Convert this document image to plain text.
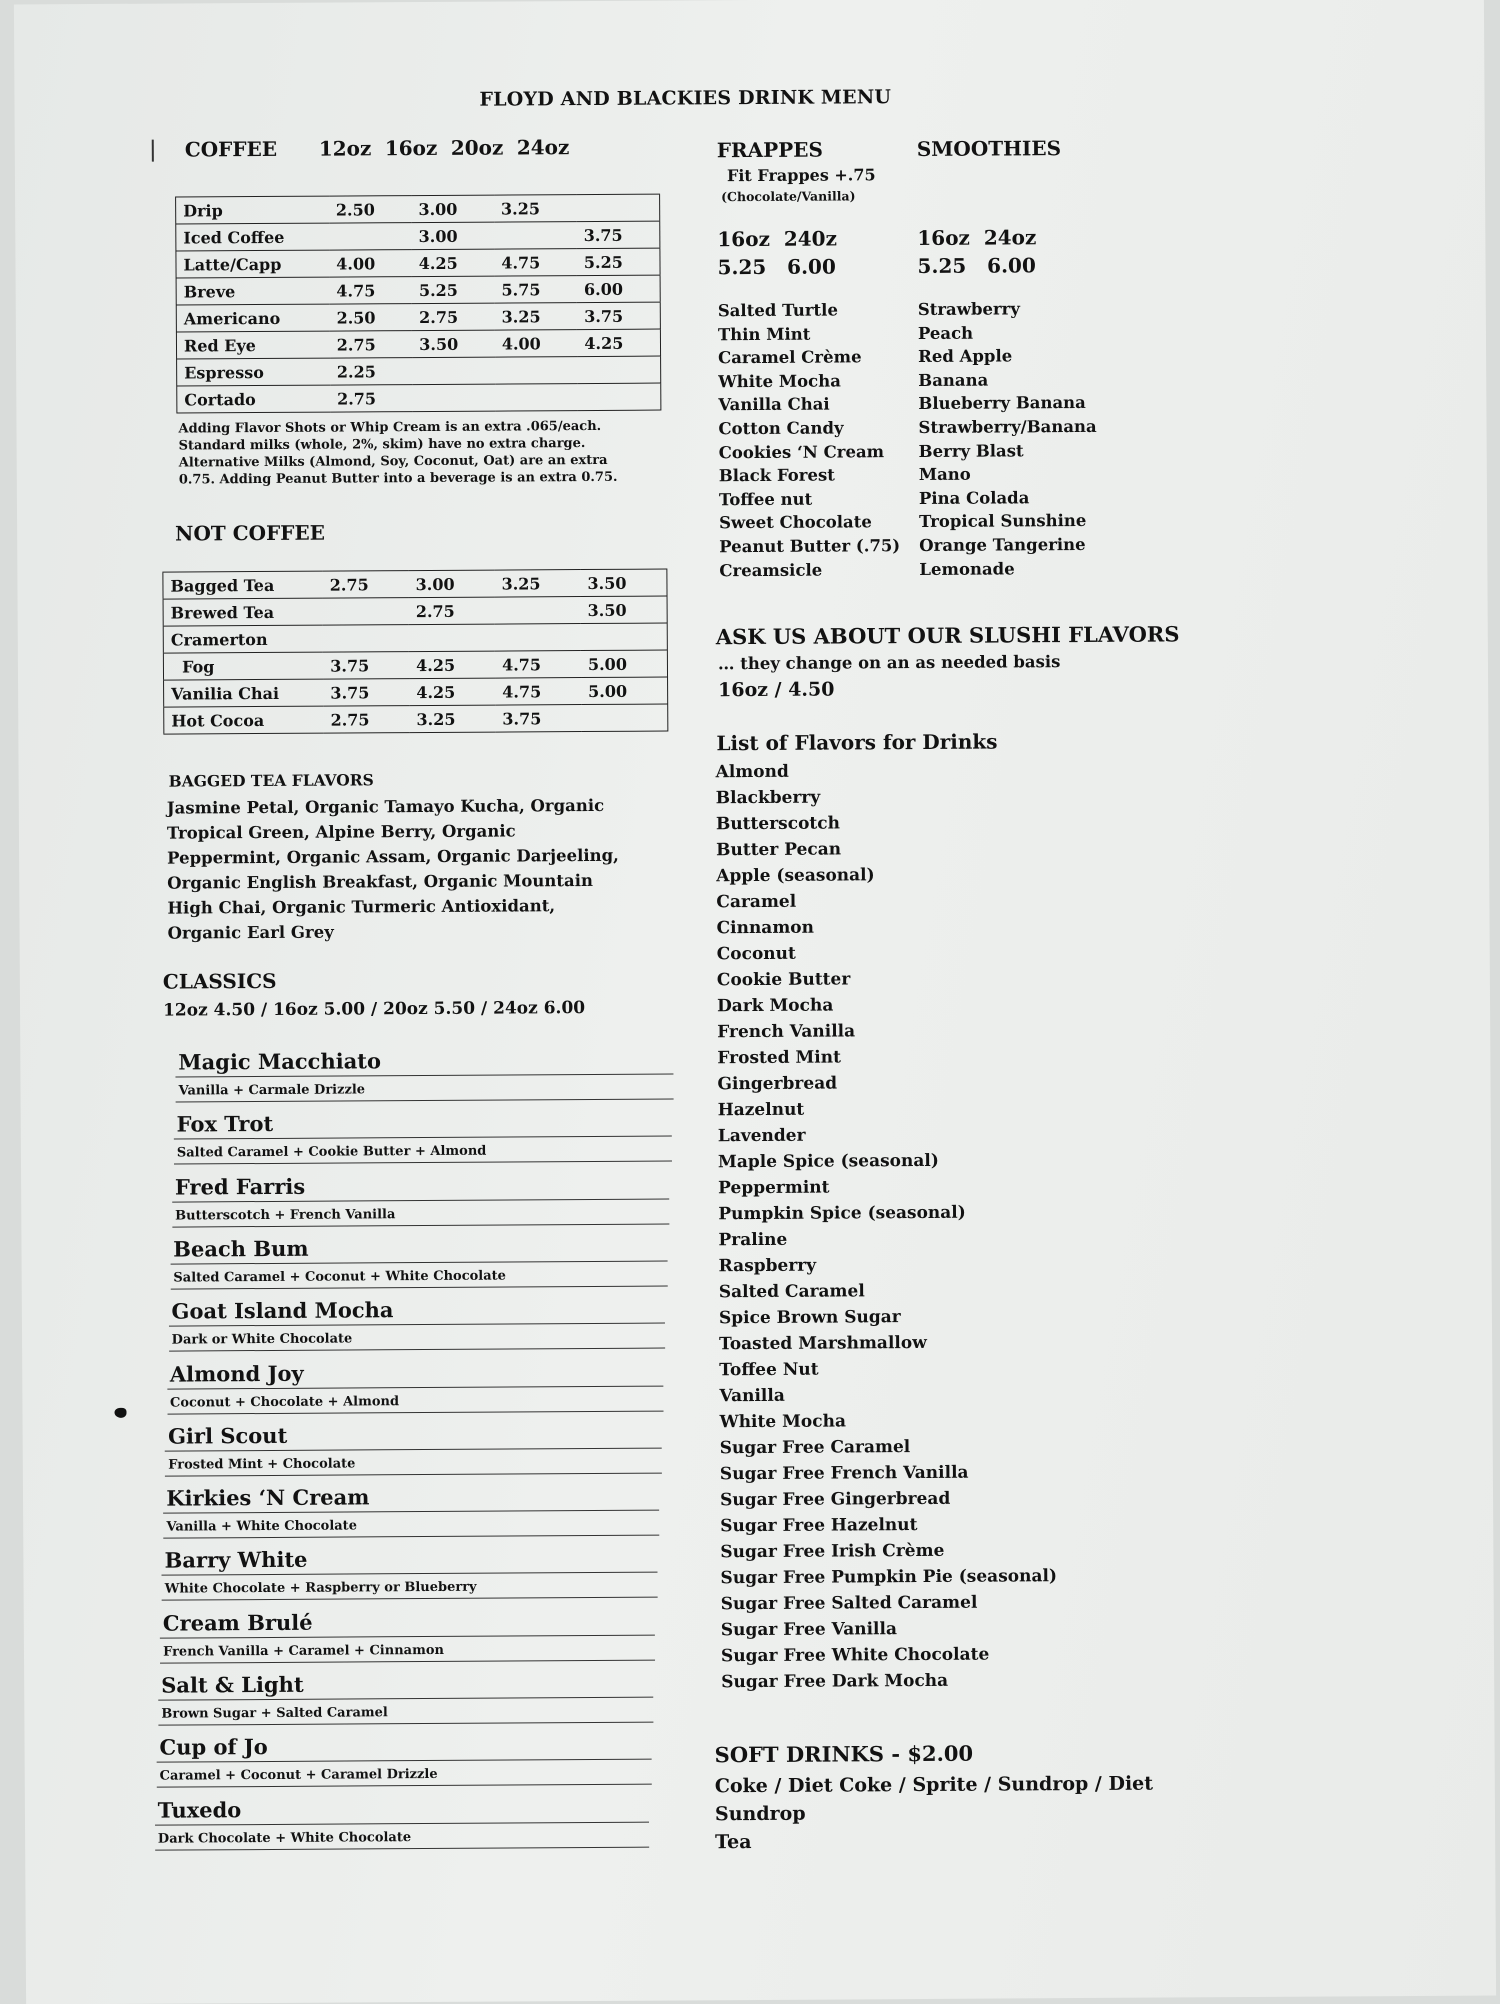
FLOYD AND BLACKIES DRINK MENU
COFFEE	12oz 16oz 20oz 24oz
Drip	2.50	3.00	3.25	
Iced Coffee		3.00		3.75
Latte/Capp	4.00	4.25	4.75	5.25
Breve	4.75	5.25	5.75	6.00
Americano	2.50	2.75	3.25	3.75
Red Eye	2.75	3.50	4.00	4.25
Espresso	2.25			
Cortado	2.75			
Adding Flavor Shots or Whip Cream is an extra .065/each.
Standard milks (whole, 2%, skim) have no extra charge.
Alternative Milks (Almond, Soy, Coconut, Oat) are an extra
0.75. Adding Peanut Butter into a beverage is an extra 0.75.
NOT COFFEE
Bagged Tea	2.75	3.00	3.25	3.50
Brewed Tea		2.75		3.50
Cramerton				
Fog	3.75	4.25	4.75	5.00
Vanilia Chai	3.75	4.25	4.75	5.00
Hot Cocoa	2.75	3.25	3.75	
BAGGED TEA FLAVORS
Jasmine Petal, Organic Tamayo Kucha, Organic
Tropical Green, Alpine Berry, Organic
Peppermint, Organic Assam, Organic Darjeeling,
Organic English Breakfast, Organic Mountain
High Chai, Organic Turmeric Antioxidant,
Organic Earl Grey
CLASSICS
12oz 4.50 / 16oz 5.00 / 20oz 5.50 / 24oz 6.00
Magic Macchiato
Vanilla + Carmale Drizzle
Fox Trot
Salted Caramel + Cookie Butter + Almond
Fred Farris
Butterscotch + French Vanilla
Beach Bum
Salted Caramel + Coconut + White Chocolate
Goat Island Mocha
Dark or White Chocolate
Almond Joy
Coconut + Chocolate + Almond
Girl Scout
Frosted Mint + Chocolate
Kirkies ‘N Cream
Vanilla + White Chocolate
Barry White
White Chocolate + Raspberry or Blueberry
Cream Brulé
French Vanilla + Caramel + Cinnamon
Salt & Light
Brown Sugar + Salted Caramel
Cup of Jo
Caramel + Coconut + Caramel Drizzle
Tuxedo
Dark Chocolate + White Chocolate
FRAPPES
Fit Frappes +.75
(Chocolate/Vanilla)
16oz  240z
5.25   6.00
Salted Turtle
Thin Mint
Caramel Crème
White Mocha
Vanilla Chai
Cotton Candy
Cookies ‘N Cream
Black Forest
Toffee nut
Sweet Chocolate
Peanut Butter (.75)
Creamsicle
SMOOTHIES
16oz  24oz
5.25   6.00
Strawberry
Peach
Red Apple
Banana
Blueberry Banana
Strawberry/Banana
Berry Blast
Mano
Pina Colada
Tropical Sunshine
Orange Tangerine
Lemonade
ASK US ABOUT OUR SLUSHI FLAVORS
… they change on an as needed basis
16oz / 4.50
List of Flavors for Drinks
Almond
Blackberry
Butterscotch
Butter Pecan
Apple (seasonal)
Caramel
Cinnamon
Coconut
Cookie Butter
Dark Mocha
French Vanilla
Frosted Mint
Gingerbread
Hazelnut
Lavender
Maple Spice (seasonal)
Peppermint
Pumpkin Spice (seasonal)
Praline
Raspberry
Salted Caramel
Spice Brown Sugar
Toasted Marshmallow
Toffee Nut
Vanilla
White Mocha
Sugar Free Caramel
Sugar Free French Vanilla
Sugar Free Gingerbread
Sugar Free Hazelnut
Sugar Free Irish Crème
Sugar Free Pumpkin Pie (seasonal)
Sugar Free Salted Caramel
Sugar Free Vanilla
Sugar Free White Chocolate
Sugar Free Dark Mocha
SOFT DRINKS - $2.00
Coke / Diet Coke / Sprite / Sundrop / Diet
Sundrop
Tea
